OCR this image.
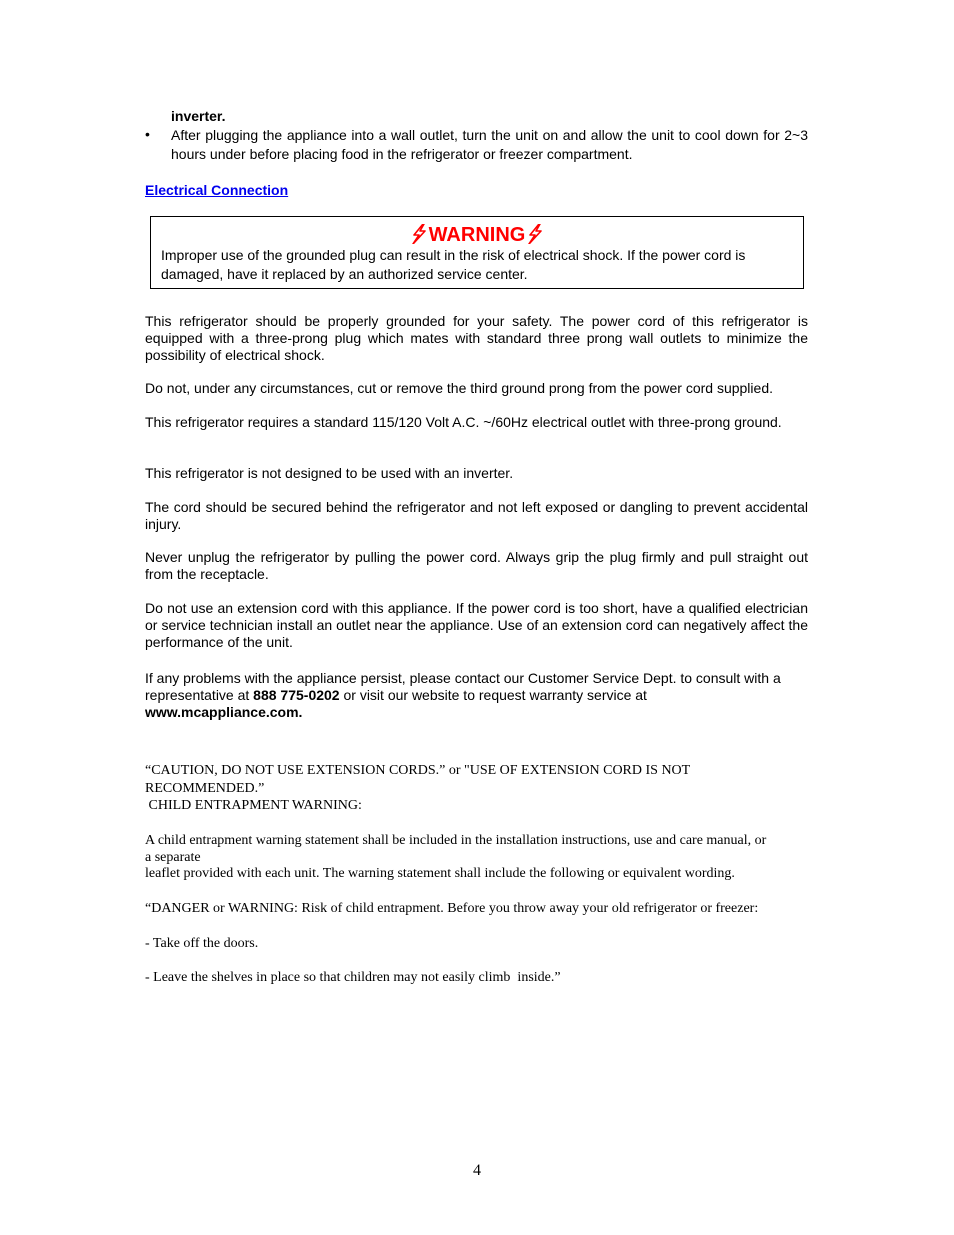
inverter.
•	After plugging the appliance into a wall outlet, turn the unit on and allow the unit to cool down for 2~3 hours under before placing food in the refrigerator or freezer compartment.
Electrical Connection
WARNING
Improper use of the grounded plug can result in the risk of electrical shock. If the power cord is damaged, have it replaced by an authorized service center.
This refrigerator should be properly grounded for your safety. The power cord of this refrigerator is equipped with a three-prong plug which mates with standard three prong wall outlets to minimize the possibility of electrical shock.
Do not, under any circumstances, cut or remove the third ground prong from the power cord supplied.
This refrigerator requires a standard 115/120 Volt A.C. ~/60Hz electrical outlet with three-prong ground.
This refrigerator is not designed to be used with an inverter.
The cord should be secured behind the refrigerator and not left exposed or dangling to prevent accidental injury.
Never unplug the refrigerator by pulling the power cord. Always grip the plug firmly and pull straight out from the receptacle.
Do not use an extension cord with this appliance. If the power cord is too short, have a qualified electrician or service technician install an outlet near the appliance. Use of an extension cord can negatively affect the performance of the unit.
If any problems with the appliance persist, please contact our Customer Service Dept. to consult with a representative at 888 775-0202 or visit our website to request warranty service at
www.mcappliance.com.
“CAUTION, DO NOT USE EXTENSION CORDS.” or "USE OF EXTENSION CORD IS NOT
RECOMMENDED.”
CHILD ENTRAPMENT WARNING:
A child entrapment warning statement shall be included in the installation instructions, use and care manual, or
a separate
leaflet provided with each unit. The warning statement shall include the following or equivalent wording.
“DANGER or WARNING: Risk of child entrapment. Before you throw away your old refrigerator or freezer:
- Take off the doors.
- Leave the shelves in place so that children may not easily climb  inside.”
4
